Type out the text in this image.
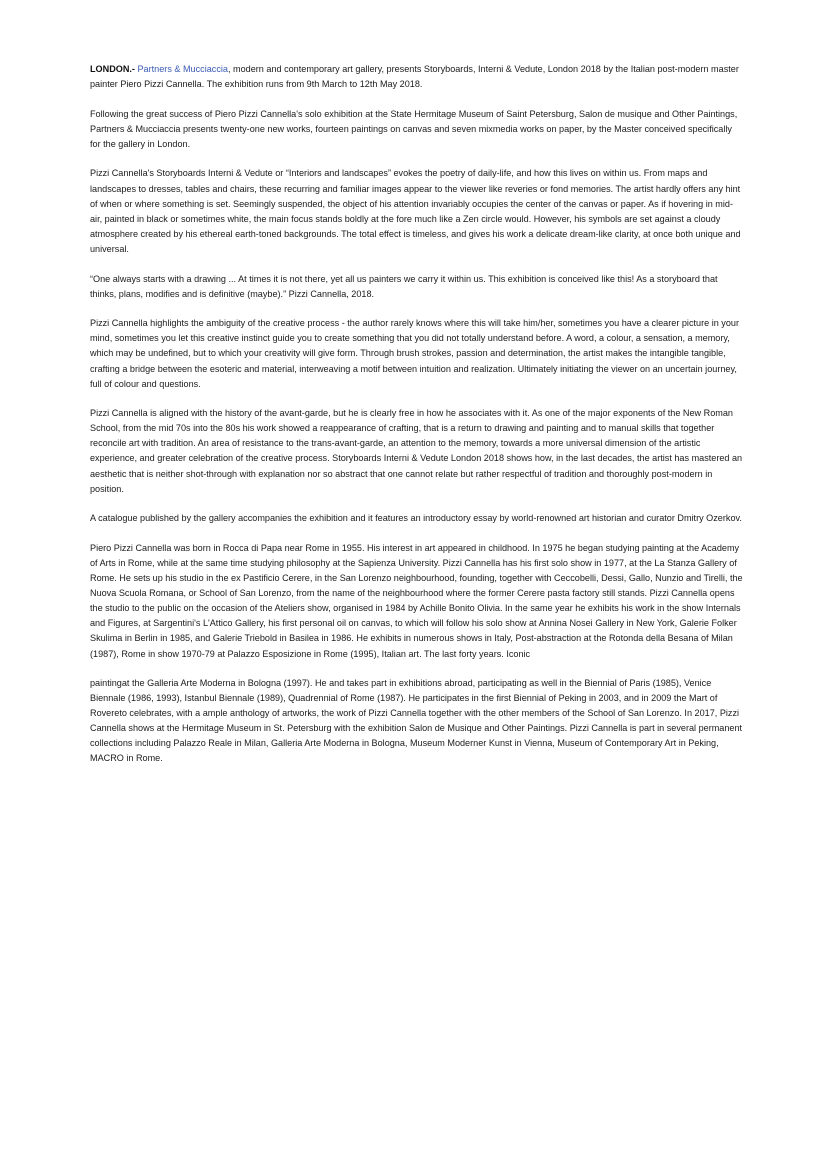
LONDON.- Partners & Mucciaccia, modern and contemporary art gallery, presents Storyboards, Interni & Vedute, London 2018 by the Italian post-modern master painter Piero Pizzi Cannella. The exhibition runs from 9th March to 12th May 2018.

Following the great success of Piero Pizzi Cannella's solo exhibition at the State Hermitage Museum of Saint Petersburg, Salon de musique and Other Paintings, Partners & Mucciaccia presents twenty-one new works, fourteen paintings on canvas and seven mixmedia works on paper, by the Master conceived specifically for the gallery in London.

Pizzi Cannella's Storyboards Interni & Vedute or “Interiors and landscapes” evokes the poetry of daily-life, and how this lives on within us. From maps and landscapes to dresses, tables and chairs, these recurring and familiar images appear to the viewer like reveries or fond memories. The artist hardly offers any hint of when or where something is set. Seemingly suspended, the object of his attention invariably occupies the center of the canvas or paper. As if hovering in mid-air, painted in black or sometimes white, the main focus stands boldly at the fore much like a Zen circle would. However, his symbols are set against a cloudy atmosphere created by his ethereal earth-toned backgrounds. The total effect is timeless, and gives his work a delicate dream-like clarity, at once both unique and universal.

“One always starts with a drawing ... At times it is not there, yet all us painters we carry it within us. This exhibition is conceived like this! As a storyboard that thinks, plans, modifies and is definitive (maybe).” Pizzi Cannella, 2018.

Pizzi Cannella highlights the ambiguity of the creative process - the author rarely knows where this will take him/her, sometimes you have a clearer picture in your mind, sometimes you let this creative instinct guide you to create something that you did not totally understand before. A word, a colour, a sensation, a memory, which may be undefined, but to which your creativity will give form. Through brush strokes, passion and determination, the artist makes the intangible tangible, crafting a bridge between the esoteric and material, interweaving a motif between intuition and realization. Ultimately initiating the viewer on an uncertain journey, full of colour and questions.

Pizzi Cannella is aligned with the history of the avant-garde, but he is clearly free in how he associates with it. As one of the major exponents of the New Roman School, from the mid 70s into the 80s his work showed a reappearance of crafting, that is a return to drawing and painting and to manual skills that together reconcile art with tradition. An area of resistance to the trans-avant-garde, an attention to the memory, towards a more universal dimension of the artistic experience, and greater celebration of the creative process. Storyboards Interni & Vedute London 2018 shows how, in the last decades, the artist has mastered an aesthetic that is neither shot-through with explanation nor so abstract that one cannot relate but rather respectful of tradition and thoroughly post-modern in position.

A catalogue published by the gallery accompanies the exhibition and it features an introductory essay by world-renowned art historian and curator Dmitry Ozerkov.

Piero Pizzi Cannella was born in Rocca di Papa near Rome in 1955. His interest in art appeared in childhood. In 1975 he began studying painting at the Academy of Arts in Rome, while at the same time studying philosophy at the Sapienza University. Pizzi Cannella has his first solo show in 1977, at the La Stanza Gallery of Rome. He sets up his studio in the ex Pastificio Cerere, in the San Lorenzo neighbourhood, founding, together with Ceccobelli, Dessi, Gallo, Nunzio and Tirelli, the Nuova Scuola Romana, or School of San Lorenzo, from the name of the neighbourhood where the former Cerere pasta factory still stands. Pizzi Cannella opens the studio to the public on the occasion of the Ateliers show, organised in 1984 by Achille Bonito Olivia. In the same year he exhibits his work in the show Internals and Figures, at Sargentini's L'Attico Gallery, his first personal oil on canvas, to which will follow his solo show at Annina Nosei Gallery in New York, Galerie Folker Skulima in Berlin in 1985, and Galerie Triebold in Basilea in 1986. He exhibits in numerous shows in Italy, Post-abstraction at the Rotonda della Besana of Milan (1987), Rome in show 1970-79 at Palazzo Esposizione in Rome (1995), Italian art. The last forty years. Iconic

paintingat the Galleria Arte Moderna in Bologna (1997). He and takes part in exhibitions abroad, participating as well in the Biennial of Paris (1985), Venice Biennale (1986, 1993), Istanbul Biennale (1989), Quadrennial of Rome (1987). He participates in the first Biennial of Peking in 2003, and in 2009 the Mart of Rovereto celebrates, with a ample anthology of artworks, the work of Pizzi Cannella together with the other members of the School of San Lorenzo. In 2017, Pizzi Cannella shows at the Hermitage Museum in St. Petersburg with the exhibition Salon de Musique and Other Paintings. Pizzi Cannella is part in several permanent collections including Palazzo Reale in Milan, Galleria Arte Moderna in Bologna, Museum Moderner Kunst in Vienna, Museum of Contemporary Art in Peking, MACRO in Rome.
